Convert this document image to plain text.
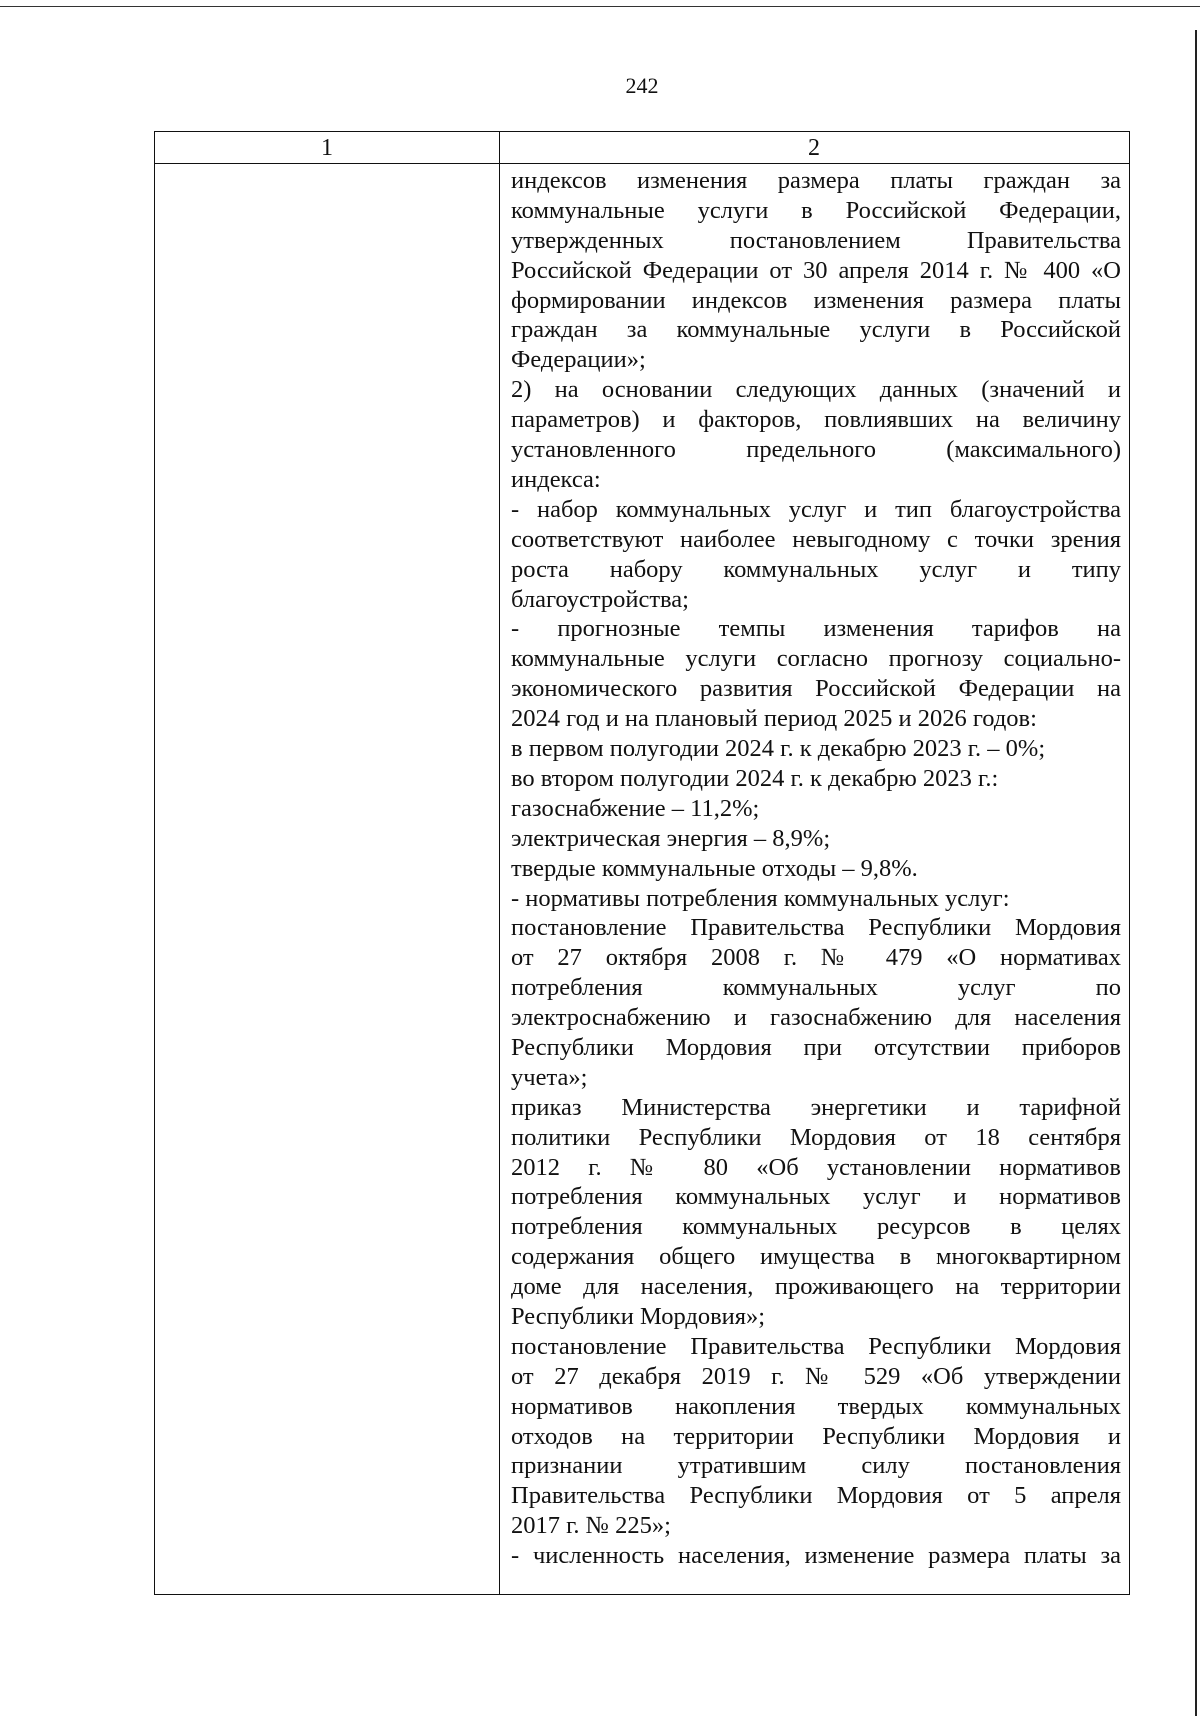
242
1	2
индексов изменения размера платы граждан за
коммунальные услуги в Российской Федерации,
утвержденных постановлением Правительства
Российской Федерации от 30 апреля 2014 г. № 400 «О
формировании индексов изменения размера платы
граждан за коммунальные услуги в Российской
Федерации»;
2) на основании следующих данных (значений и
параметров) и факторов, повлиявших на величину
установленного предельного (максимального)
индекса:
- набор коммунальных услуг и тип благоустройства
соответствуют наиболее невыгодному с точки зрения
роста набору коммунальных услуг и типу
благоустройства;
- прогнозные темпы изменения тарифов на
коммунальные услуги согласно прогнозу социально-
экономического развития Российской Федерации на
2024 год и на плановый период 2025 и 2026 годов:
в первом полугодии 2024 г. к декабрю 2023 г. – 0%;
во втором полугодии 2024 г. к декабрю 2023 г.:
газоснабжение – 11,2%;
электрическая энергия – 8,9%;
твердые коммунальные отходы – 9,8%.
- нормативы потребления коммунальных услуг:
постановление Правительства Республики Мордовия
от 27 октября 2008 г. № 479 «О нормативах
потребления коммунальных услуг по
электроснабжению и газоснабжению для населения
Республики Мордовия при отсутствии приборов
учета»;
приказ Министерства энергетики и тарифной
политики Республики Мордовия от 18 сентября
2012 г. № 80 «Об установлении нормативов
потребления коммунальных услуг и нормативов
потребления коммунальных ресурсов в целях
содержания общего имущества в многоквартирном
доме для населения, проживающего на территории
Республики Мордовия»;
постановление Правительства Республики Мордовия
от 27 декабря 2019 г. № 529 «Об утверждении
нормативов накопления твердых коммунальных
отходов на территории Республики Мордовия и
признании утратившим силу постановления
Правительства Республики Мордовия от 5 апреля
2017 г. № 225»;
- численность населения, изменение размера платы за
